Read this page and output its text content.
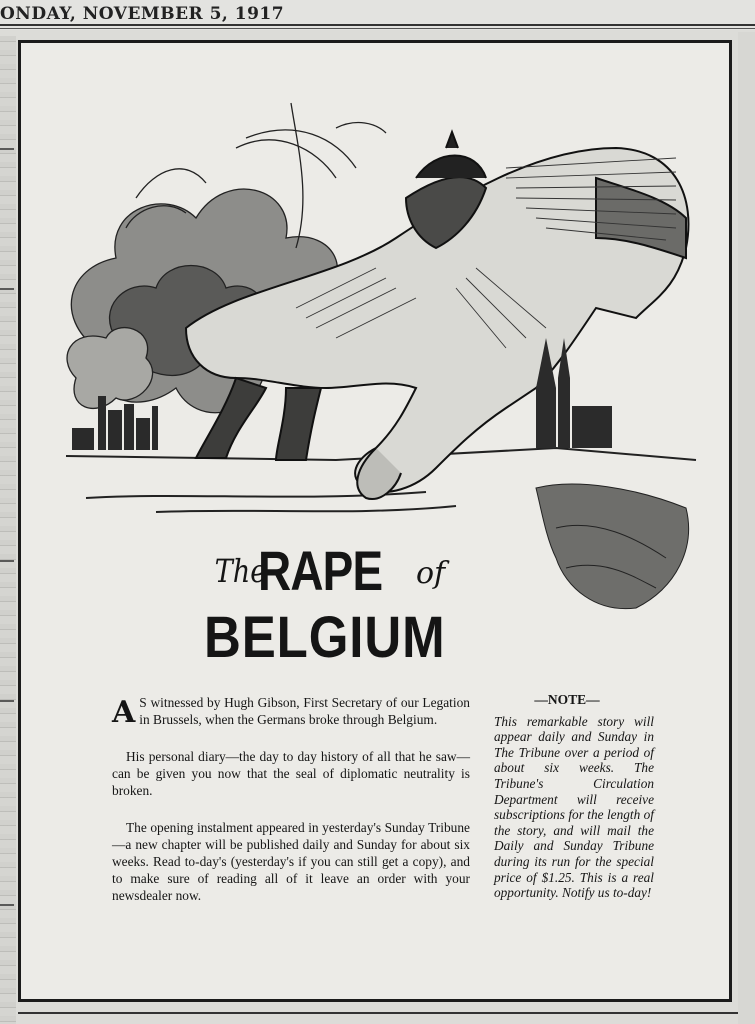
ONDAY, NOVEMBER 5, 1917
The
RAPE of
BELGIUM

A S witnessed by Hugh Gibson, First Secretary of our Legation in Brussels, when the Germans broke through Belgium.

His personal diary—the day to day history of all that he saw—can be given you now that the seal of diplomatic neutrality is broken.

The opening instalment appeared in yesterday's Sunday Tribune—a new chapter will be published daily and Sunday for about six weeks. Read to-day's (yesterday's if you can still get a copy), and to make sure of reading all of it leave an order with your newsdealer now.

—NOTE—
This remarkable story will appear daily and Sunday in The Tribune over a period of about six weeks. The Tribune's Circulation Department will receive subscriptions for the length of the story, and will mail the Daily and Sunday Tribune during its run for the special price of $1.25. This is a real opportunity. Notify us to-day!
